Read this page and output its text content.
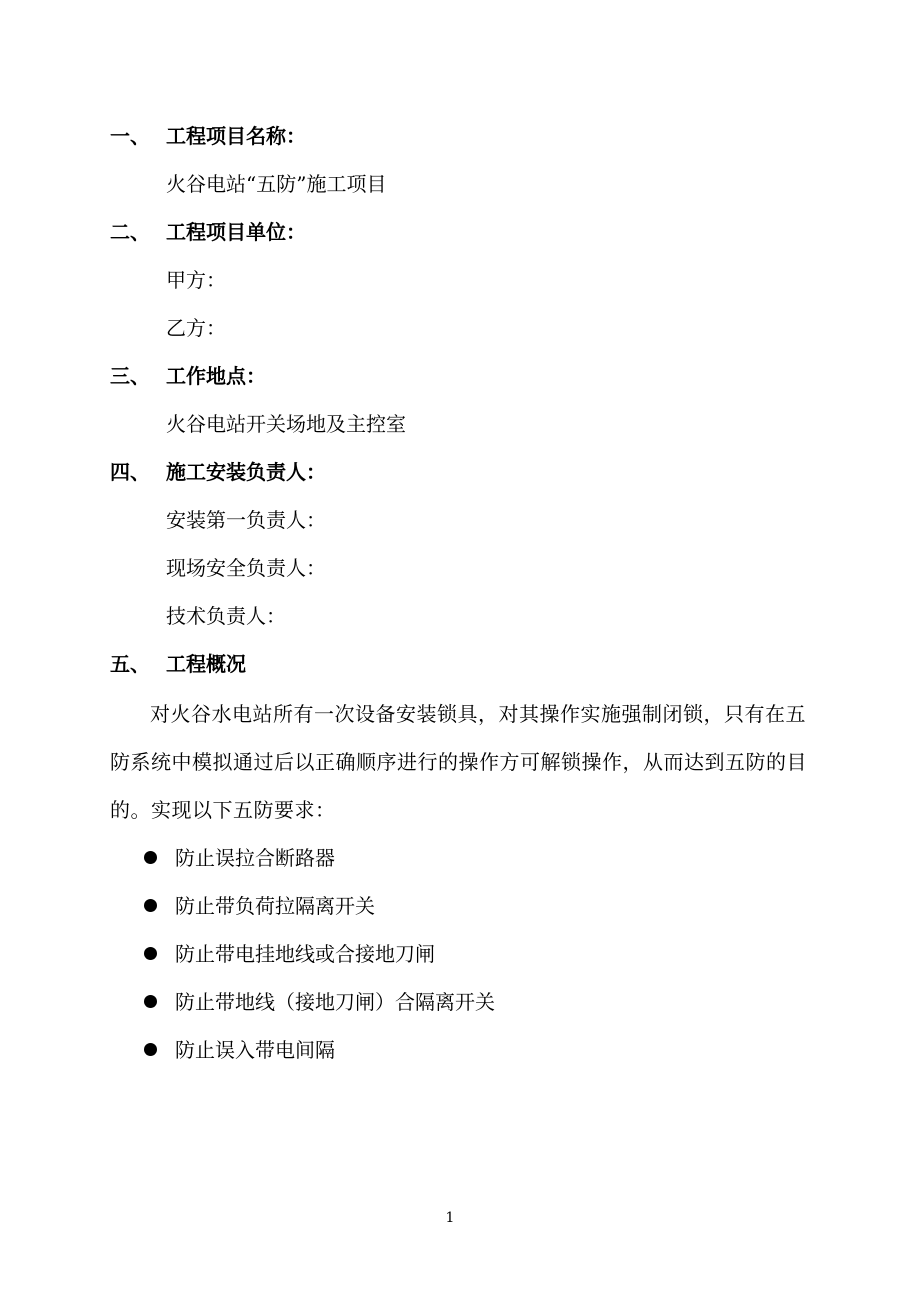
一、 工程项目名称：
火谷电站“五防”施工项目
二、 工程项目单位：
甲方：
乙方：
三、 工作地点：
火谷电站开关场地及主控室
四、 施工安装负责人：
安装第一负责人：
现场安全负责人：
技术负责人：
五、 工程概况
对火谷水电站所有一次设备安装锁具，对其操作实施强制闭锁，只有在五防系统中模拟通过后以正确顺序进行的操作方可解锁操作，从而达到五防的目的。实现以下五防要求：
防止误拉合断路器
防止带负荷拉隔离开关
防止带电挂地线或合接地刀闸
防止带地线（接地刀闸）合隔离开关
防止误入带电间隔
1
